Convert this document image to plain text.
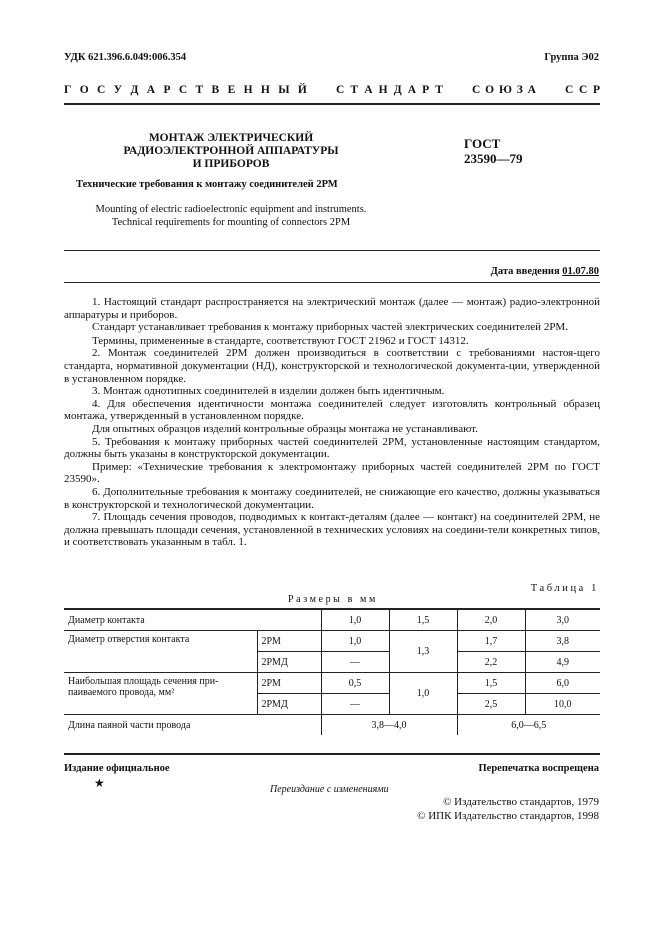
УДК 621.396.6.049:006.354	Группа Э02
Г О С У Д А Р С Т В Е Н Н Ы Й	С Т А Н Д А Р Т	С О Ю З А	С С Р
МОНТАЖ ЭЛЕКТРИЧЕСКИЙ
РАДИОЭЛЕКТРОННОЙ АППАРАТУРЫ
И ПРИБОРОВ
ГОСТ
23590—79
Технические требования к монтажу соединителей 2РМ
Mounting of electric radioelectronic equipment and instruments.
Technical requirements for mounting of connectors 2PM
Дата введения 01.07.80

1. Настоящий стандарт распространяется на электрический монтаж (далее — монтаж) радио-электронной аппаратуры и приборов.

Стандарт устанавливает требования к монтажу приборных частей электрических соединителей 2РМ.

Термины, примененные в стандарте, соответствуют ГОСТ 21962 и ГОСТ 14312.

2. Монтаж соединителей 2РМ должен производиться в соответствии с требованиями настоя-щего стандарта, нормативной документации (НД), конструкторской и технологической документа-ции, утвержденной в установленном порядке.

3. Монтаж однотипных соединителей в изделии должен быть идентичным.

4. Для обеспечения идентичности монтажа соединителей следует изготовлять контрольный образец монтажа, утвержденный в установленном порядке.

Для опытных образцов изделий контрольные образцы монтажа не устанавливают.

5. Требования к монтажу приборных частей соединителей 2РМ, установленные настоящим стандартом, должны быть указаны в конструкторской документации.

Пример: «Технические требования к электромонтажу приборных частей соединителей 2РМ по ГОСТ 23590».

6. Дополнительные требования к монтажу соединителей, не снижающие его качество, должны указываться в конструкторской и технологической документации.

7. Площадь сечения проводов, подводимых к контакт-деталям (далее — контакт) на соединителей 2РМ, не должна превышать площади сечения, установленной в технических условиях на соедини-тели конкретных типов, и соответствовать указанным в табл. 1.

Таблица 1
Размеры в мм
Диаметр контакта		1,0	1,5	2,0	3,0
Диаметр отверстия контакта	2РМ	1,0	1,3	1,7	3,8
	2РМД	—		2,2	4,9
Наибольшая площадь сечения при-паиваемого провода, мм²	2РМ	0,5	1,0	1,5	6,0
	2РМД	—		2,5	10,0
Длина паяной части провода		3,8—4,0		6,0—6,5	
Издание официальное	Перепечатка воспрещена
★	Переиздание с изменениями
© Издательство стандартов, 1979
© ИПК Издательство стандартов, 1998
